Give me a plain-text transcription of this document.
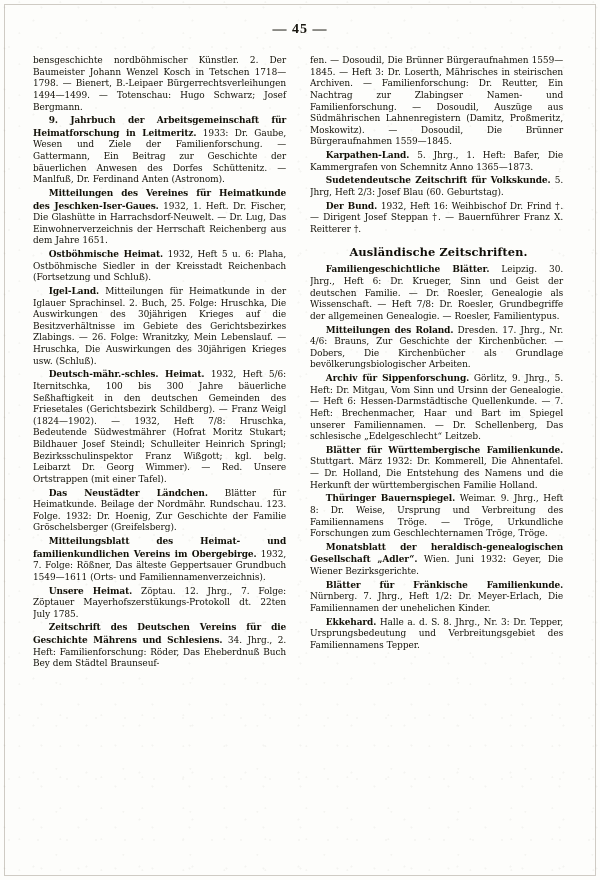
— 45 —

bensgeschichte nordböhmischer Künstler. 2. Der Baumeister Johann Wenzel Kosch in Tetschen 1718—1798. — Bienert, B.-Leipaer Bürgerrechtsverleihungen 1494—1499. — Totenschau: Hugo Schwarz; Josef Bergmann.

9. Jahrbuch der Arbeitsgemeinschaft für Heimatforschung in Leitmeritz. 1933: Dr. Gaube, Wesen und Ziele der Familienforschung. — Gattermann, Ein Beitrag zur Geschichte der bäuerlichen Anwesen des Dorfes Schüttenitz. — Manlfuß, Dr. Ferdinand Anten (Astronom).

Mitteilungen des Vereines für Heimatkunde des Jeschken-Iser-Gaues. 1932, 1. Heft. Dr. Fischer, Die Glashütte in Harrachsdorf-Neuwelt. — Dr. Lug, Das Einwohnerverzeichnis der Herrschaft Reichenberg aus dem Jahre 1651.

Ostböhmische Heimat. 1932, Heft 5 u. 6: Plaha, Ostböhmische Siedler in der Kreisstadt Reichenbach (Fortsetzung und Schluß).

Igel-Land. Mitteilungen für Heimatkunde in der Iglauer Sprachinsel. 2. Buch, 25. Folge: Hruschka, Die Auswirkungen des 30jährigen Krieges auf die Besitzverhältnisse im Gebiete des Gerichtsbezirkes Zlabings. — 26. Folge: Wranitzky, Mein Lebenslauf. — Hruschka, Die Auswirkungen des 30jährigen Krieges usw. (Schluß).

Deutsch-mähr.-schles. Heimat. 1932, Heft 5/6: Iternitschka, 100 bis 300 Jahre bäuerliche Seßhaftigkeit in den deutschen Gemeinden des Friesetales (Gerichtsbezirk Schildberg). — Franz Weigl (1824—1902). — 1932, Heft 7/8: Hruschka, Bedeutende Südwestmährer (Hofrat Moritz Stukart; Bildhauer Josef Steindl; Schulleiter Heinrich Springl; Bezirksschulinspektor Franz Wißgott; kgl. belg. Leibarzt Dr. Georg Wimmer). — Red. Unsere Ortstrappen (mit einer Tafel).

Das Neustädter Ländchen. Blätter für Heimatkunde. Beilage der Nordmähr. Rundschau. 123. Folge. 1932: Dr. Hoenig, Zur Geschichte der Familie Gröschelsberger (Greifelsberg).

Mitteilungsblatt des Heimat- und familienkundlichen Vereins im Obergebirge. 1932, 7. Folge: Rößner, Das älteste Geppertsauer Grundbuch 1549—1611 (Orts- und Familiennamenverzeichnis).

Unsere Heimat. Zöptau. 12. Jhrg., 7. Folge: Zöptauer Mayerhofszerstükungs-Protokoll dt. 22ten July 1785.

Zeitschrift des Deutschen Vereins für die Geschichte Mährens und Schlesiens. 34. Jhrg., 2. Heft: Familienforschung: Röder, Das Eheberdnuß Buch Bey dem Städtel Braunseuf-

fen. — Dosoudil, Die Brünner Bürgeraufnahmen 1559—1845. — Heft 3: Dr. Loserth, Mährisches in steirischen Archiven. — Familienforschung: Dr. Reutter, Ein Nachtrag zur Zlabingser Namen- und Familienforschung. — Dosoudil, Auszüge aus Südmährischen Lahnenregistern (Damitz, Proßmeritz, Moskowitz). — Dosoudil, Die Brünner Bürgeraufnahmen 1559—1845.

Karpathen-Land. 5. Jhrg., 1. Heft: Bafer, Die Kammergrafen von Schemnitz Anno 1365—1873.

Sudetendeutsche Zeitschrift für Volkskunde. 5. Jhrg, Heft 2/3: Josef Blau (60. Geburtstag).

Der Bund. 1932, Heft 16: Weihbischof Dr. Frind †. — Dirigent Josef Steppan †. — Bauernführer Franz X. Reitterer †.

Ausländische Zeitschriften.

Familiengeschichtliche Blätter. Leipzig. 30. Jhrg., Heft 6: Dr. Krueger, Sinn und Geist der deutschen Familie. — Dr. Roesler, Genealogie als Wissenschaft. — Heft 7/8: Dr. Roesler, Grundbegriffe der allgemeinen Genealogie. — Roesler, Familientypus.

Mitteilungen des Roland. Dresden. 17. Jhrg., Nr. 4/6: Brauns, Zur Geschichte der Kirchenbücher. — Dobers, Die Kirchenbücher als Grundlage bevölkerungsbiologischer Arbeiten.

Archiv für Sippenforschung. Görlitz, 9. Jhrg., 5. Heft: Dr. Mitgau, Vom Sinn und Ursinn der Genealogie. — Heft 6: Hessen-Darmstädtische Quellenkunde. — 7. Heft: Brechenmacher, Haar und Bart im Spiegel unserer Familiennamen. — Dr. Schellenberg, Das schlesische „Edelgeschlecht“ Leitzeb.

Blätter für Württembergische Familienkunde. Stuttgart. März 1932: Dr. Kommerell, Die Ahnentafel. — Dr. Holland, Die Entstehung des Namens und die Herkunft der württembergischen Familie Holland.

Thüringer Bauernspiegel. Weimar. 9. Jhrg., Heft 8: Dr. Weise, Ursprung und Verbreitung des Familiennamens Tröge. — Tröge, Urkundliche Forschungen zum Geschlechternamen Tröge, Tröge.

Monatsblatt der heraldisch-genealogischen Gesellschaft „Adler“. Wien. Juni 1932: Geyer, Die Wiener Bezirksgerichte.

Blätter für Fränkische Familienkunde. Nürnberg. 7. Jhrg., Heft 1/2: Dr. Meyer-Erlach, Die Familiennamen der unehelichen Kinder.

Ekkehard. Halle a. d. S. 8. Jhrg., Nr. 3: Dr. Tepper, Ursprungsbedeutung und Verbreitungsgebiet des Familiennamens Tepper.
